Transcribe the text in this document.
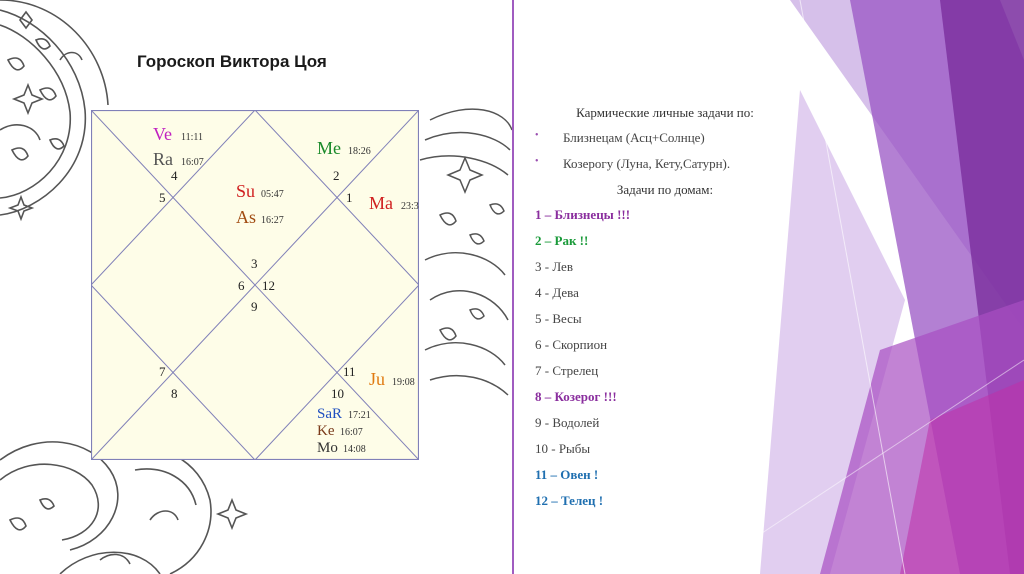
Гороскоп Виктора Цоя
Ve 11:11
Ra 16:07
Me 18:26
Ma 23:3
Su 05:47
As 16:27
Ju 19:08
SaR 17:21
Ke 16:07
Mo 14:08
4
5
2
1
3
6 12
9
7
8
11
10
Кармические личные задачи по:
• Близнецам (Асц+Солнце)
• Козерогу (Луна, Кету,Сатурн).
Задачи по домам:
1 – Близнецы !!!
2 – Рак !!
3 - Лев
4 - Дева
5 - Весы
6 - Скорпион
7 - Стрелец
8 – Козерог !!!
9 - Водолей
10 - Рыбы
11 – Овен !
12 – Телец !
